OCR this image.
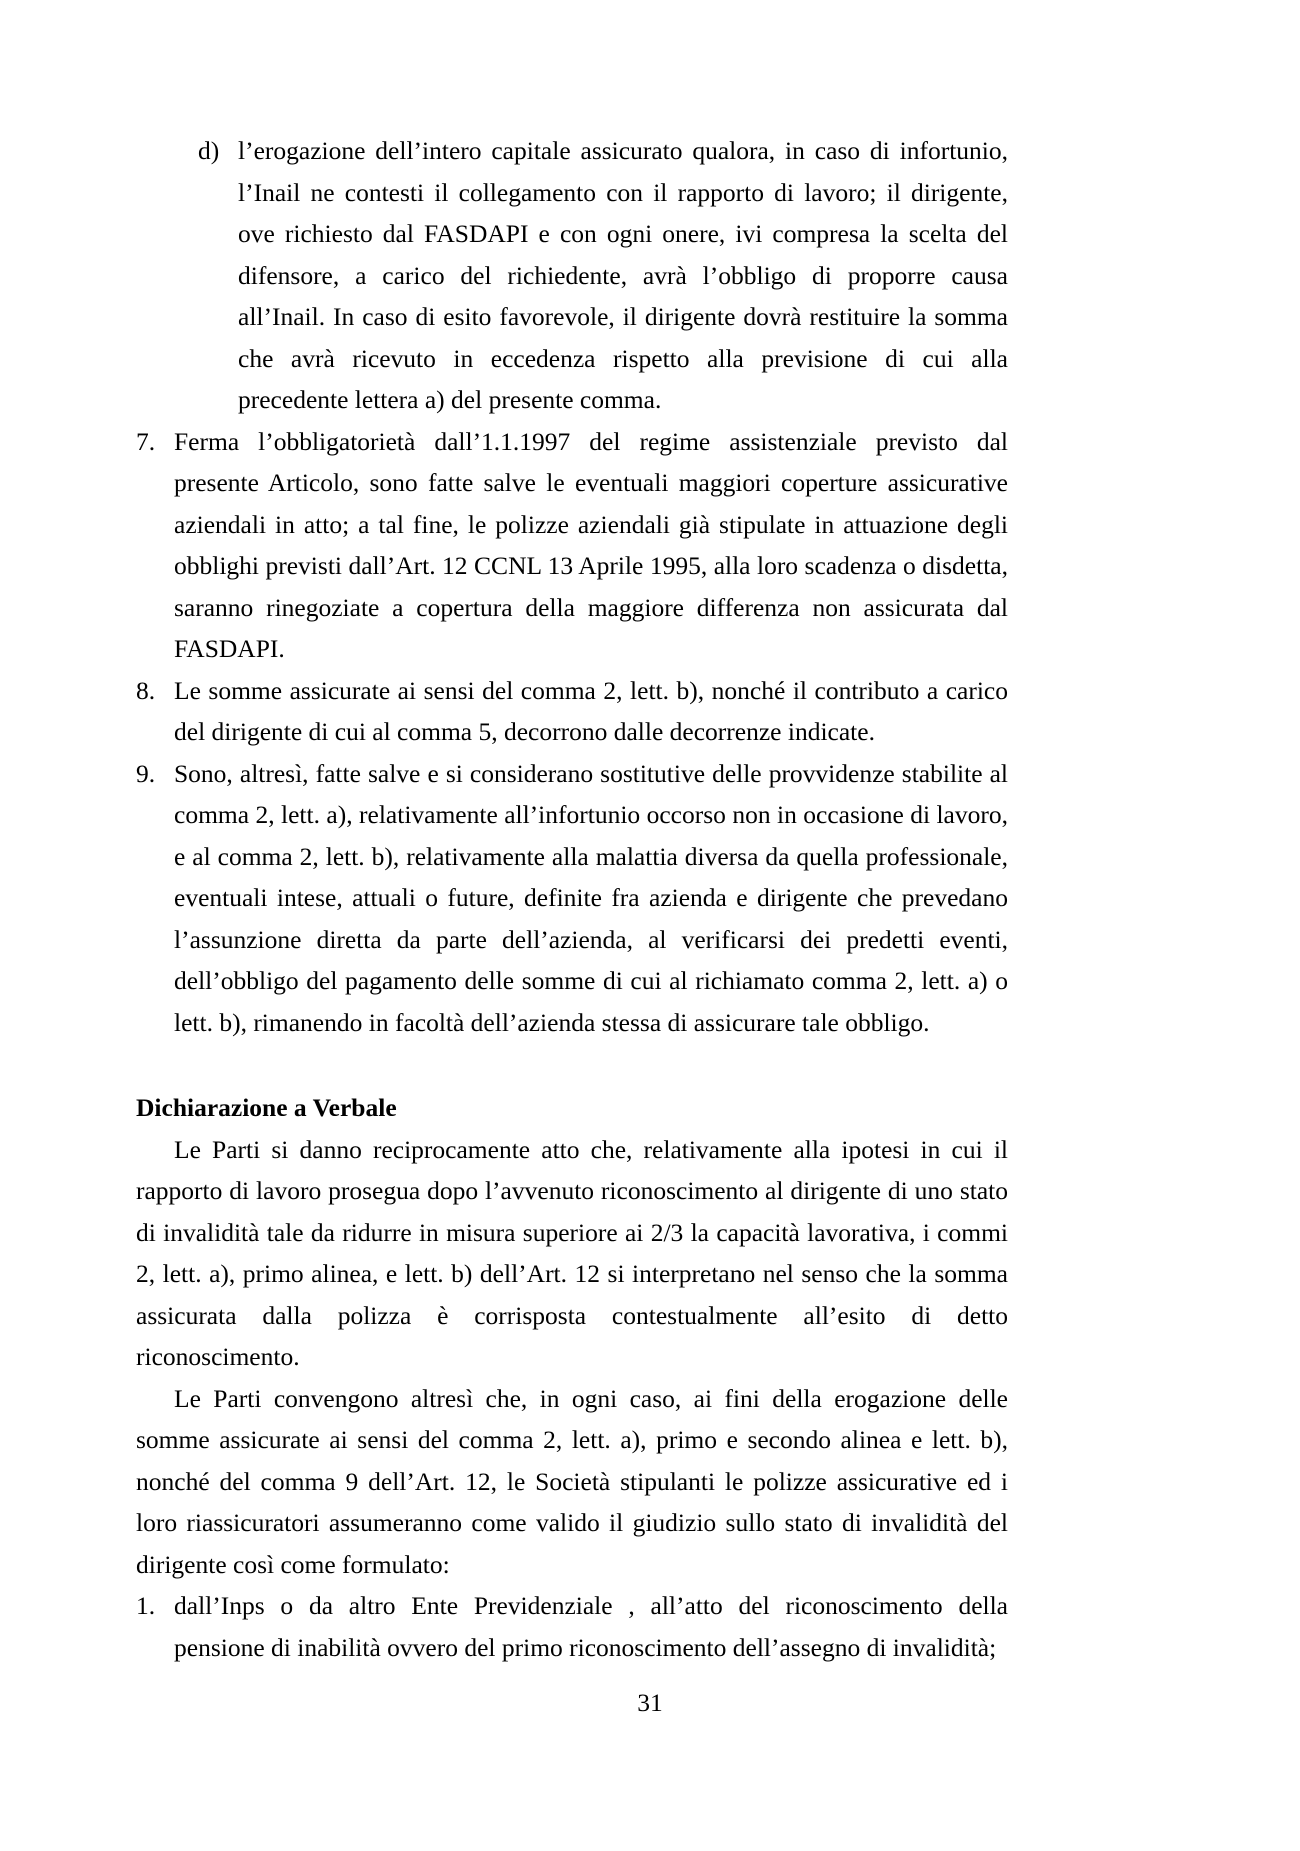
d) l’erogazione dell’intero capitale assicurato qualora, in caso di infortunio, l’Inail ne contesti il collegamento con il rapporto di lavoro; il dirigente, ove richiesto dal FASDAPI e con ogni onere, ivi compresa la scelta del difensore, a carico del richiedente, avrà l’obbligo di proporre causa all’Inail. In caso di esito favorevole, il dirigente dovrà restituire la somma che avrà ricevuto in eccedenza rispetto alla previsione di cui alla precedente lettera a) del presente comma.
7. Ferma l’obbligatorietà dall’1.1.1997 del regime assistenziale previsto dal presente Articolo, sono fatte salve le eventuali maggiori coperture assicurative aziendali in atto; a tal fine, le polizze aziendali già stipulate in attuazione degli obblighi previsti dall’Art. 12 CCNL 13 Aprile 1995, alla loro scadenza o disdetta, saranno rinegoziate a copertura della maggiore differenza non assicurata dal FASDAPI.
8. Le somme assicurate ai sensi del comma 2, lett. b), nonché il contributo a carico del dirigente di cui al comma 5, decorrono dalle decorrenze indicate.
9. Sono, altresì, fatte salve e si considerano sostitutive delle provvidenze stabilite al comma 2, lett. a), relativamente all’infortunio occorso non in occasione di lavoro, e al comma 2, lett. b), relativamente alla malattia diversa da quella professionale, eventuali intese, attuali o future, definite fra azienda e dirigente che prevedano l’assunzione diretta da parte dell’azienda, al verificarsi dei predetti eventi, dell’obbligo del pagamento delle somme di cui al richiamato comma 2, lett. a) o lett. b), rimanendo in facoltà dell’azienda stessa di assicurare tale obbligo.
Dichiarazione a Verbale

Le Parti si danno reciprocamente atto che, relativamente alla ipotesi in cui il rapporto di lavoro prosegua dopo l’avvenuto riconoscimento al dirigente di uno stato di invalidità tale da ridurre in misura superiore ai 2/3 la capacità lavorativa, i commi 2, lett. a), primo alinea, e lett. b) dell’Art. 12 si interpretano nel senso che la somma assicurata dalla polizza è corrisposta contestualmente all’esito di detto riconoscimento.

Le Parti convengono altresì che, in ogni caso, ai fini della erogazione delle somme assicurate ai sensi del comma 2, lett. a), primo e secondo alinea e lett. b), nonché del comma 9 dell’Art. 12, le Società stipulanti le polizze assicurative ed i loro riassicuratori assumeranno come valido il giudizio sullo stato di invalidità del dirigente così come formulato:

1. dall’Inps o da altro Ente Previdenziale , all’atto del riconoscimento della pensione di inabilità ovvero del primo riconoscimento dell’assegno di invalidità;
31
